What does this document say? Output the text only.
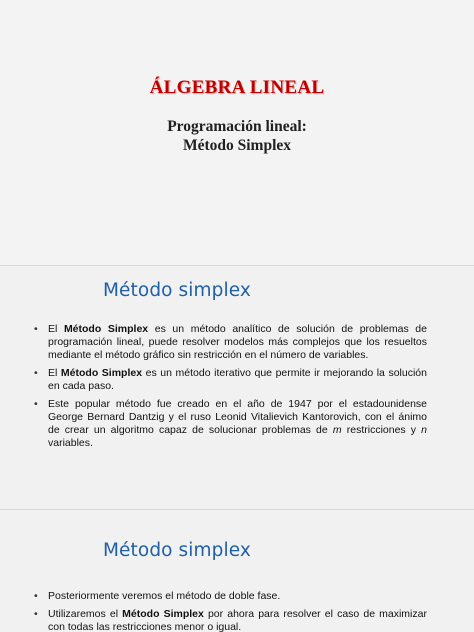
ÁLGEBRA LINEAL
Programación lineal:
Método Simplex
Método simplex
• El Método Simplex es un método analítico de solución de problemas de programación lineal, puede resolver modelos más complejos que los resueltos mediante el método gráfico sin restricción en el número de variables.
• El Método Simplex es un método iterativo que permite ir mejorando la solución en cada paso.
• Este popular método fue creado en el año de 1947 por el estadounidense George Bernard Dantzig y el ruso Leonid Vitalievich Kantorovich, con el ánimo de crear un algoritmo capaz de solucionar problemas de m restricciones y n variables.
Método simplex
• Posteriormente veremos el método de doble fase.
• Utilizaremos el Método Simplex por ahora para resolver el caso de maximizar con todas las restricciones menor o igual.
